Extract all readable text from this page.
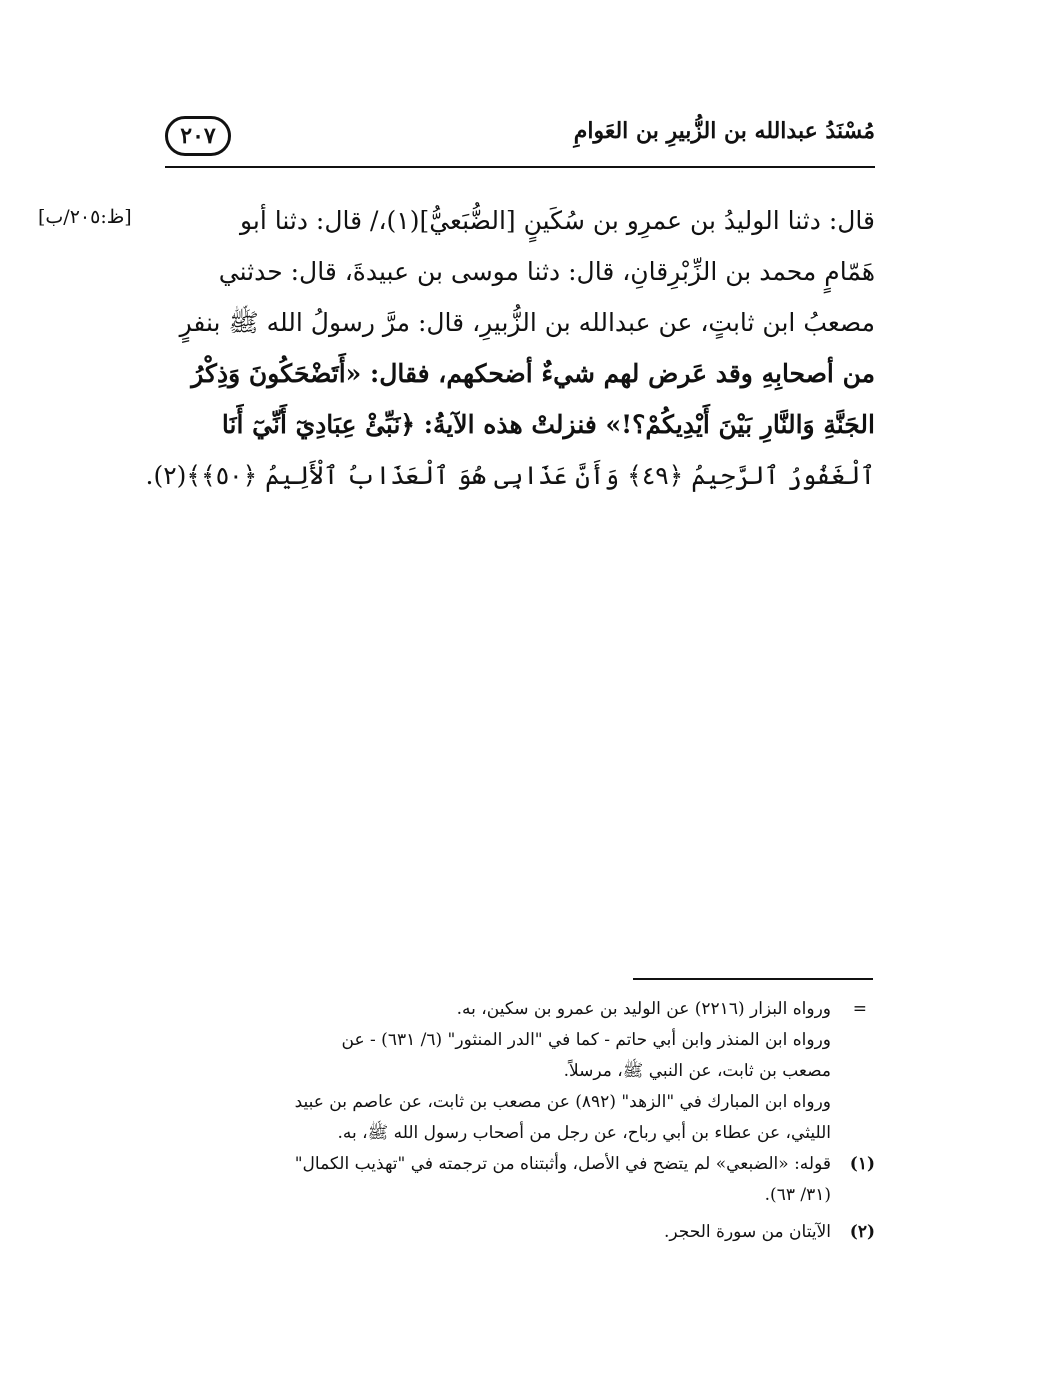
مُسْنَدُ عبدالله بن الزُّبيرِ بن العَوامِ
٢٠٧
[ظ:٢٠٥/ب]	قال: دثنا الوليدُ بن عمرِو بن سُكَينٍ [الضُّبَعيُّ](١)،/ قال: دثنا أبو
هَمّامٍ محمد بن الزِّبْرِقانِ، قال: دثنا موسى بن عبيدةَ، قال: حدثني
مصعبُ ابن ثابتٍ، عن عبدالله بن الزُّبيرِ، قال: مرَّ رسولُ الله ﷺ بنفرٍ
من أصحابِهِ وقد عَرض لهم شيءٌ أضحكهم، فقال: «أَتَضْحَكُونَ وَذِكْرُ
الجَنَّةِ وَالنَّارِ بَيْنَ أَيْدِيكُمْ؟!» فنزلتْ هذه الآيةُ: ﴿نَبِّئْ عِبَادِيٓ أَنِّيٓ أَنَا
ٱلْغَفُورُ ٱلرَّحِيمُ ﴿٤٩﴾ وَأَنَّ عَذَابِى هُوَ ٱلْعَذَابُ ٱلْأَلِيمُ ﴿٥٠﴾﴾(٢).
=
ورواه البزار (٢٢١٦) عن الوليد بن عمرو بن سكين، به.
ورواه ابن المنذر وابن أبي حاتم - كما في "الدر المنثور" (٦/ ٦٣١) - عن
مصعب بن ثابت، عن النبي ﷺ، مرسلاً.
ورواه ابن المبارك في "الزهد" (٨٩٢) عن مصعب بن ثابت، عن عاصم بن عبيد
الليثي، عن عطاء بن أبي رباح، عن رجل من أصحاب رسول الله ﷺ، به.
(١)
قوله: «الضبعي» لم يتضح في الأصل، وأثبتناه من ترجمته في "تهذيب الكمال"
(٣١/ ٦٣).
(٢)
الآيتان من سورة الحجر.
